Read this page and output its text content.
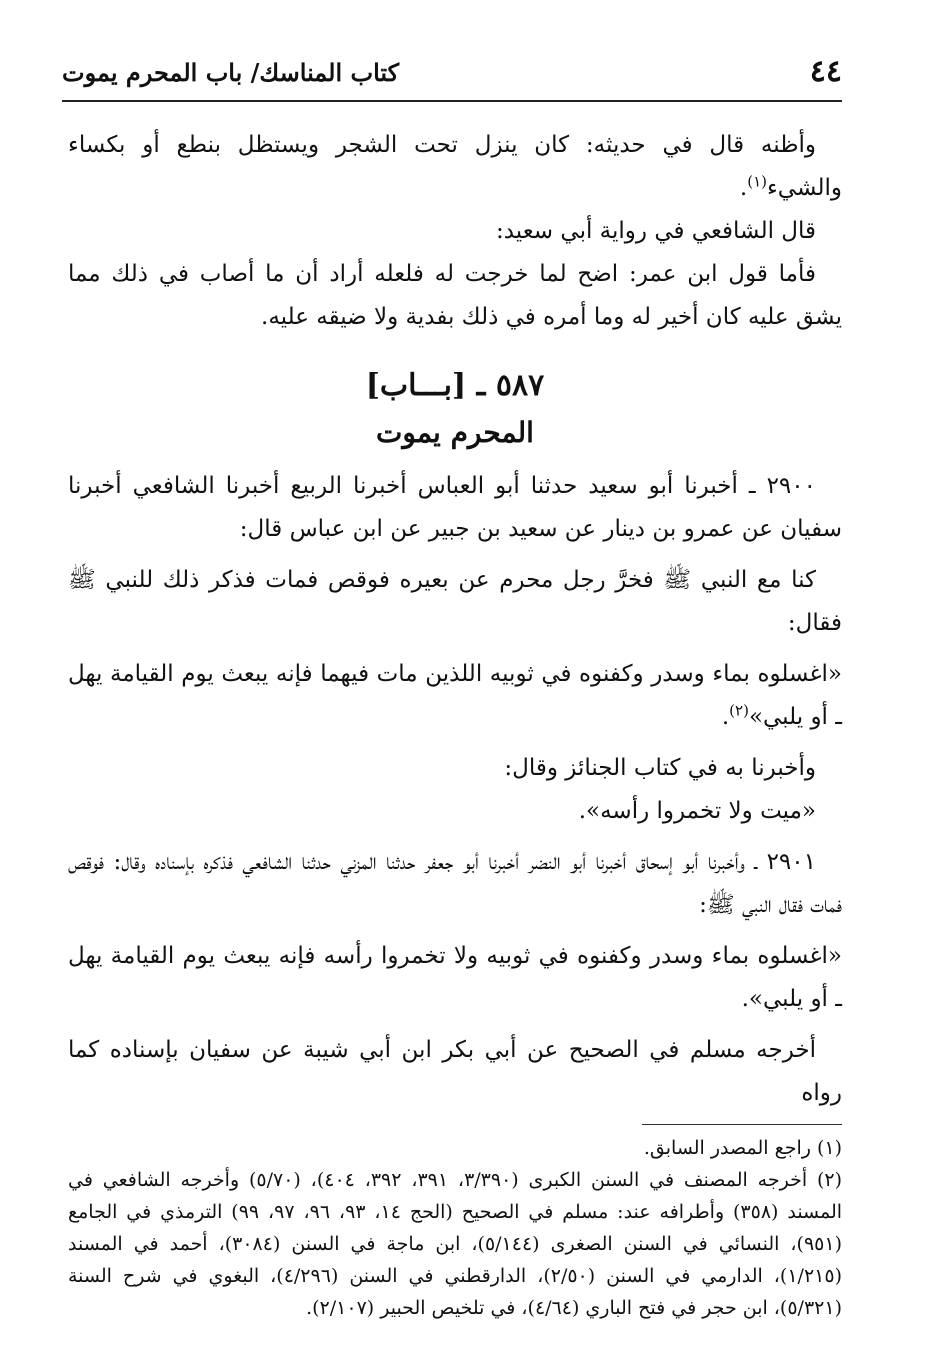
٤٤
كتاب المناسك/ باب المحرم يموت

وأظنه قال في حديثه: كان ينزل تحت الشجر ويستظل بنطع أو بكساء والشيء$^{(١)}$.

قال الشافعي في رواية أبي سعيد:

فأما قول ابن عمر: اضح لما خرجت له فلعله أراد أن ما أصاب في ذلك مما يشق عليه كان أخير له وما أمره في ذلك بفدية ولا ضيقه عليه.

٥٨٧ ـ [بـــاب]
المحرم يموت

٢٩٠٠ ـ أخبرنا أبو سعيد حدثنا أبو العباس أخبرنا الربيع أخبرنا الشافعي أخبرنا سفيان عن عمرو بن دينار عن سعيد بن جبير عن ابن عباس قال:

كنا مع النبي ﷺ فخرَّ رجل محرم عن بعيره فوقص فمات فذكر ذلك للنبي ﷺ فقال:

«اغسلوه بماء وسدر وكفنوه في ثوبيه اللذين مات فيهما فإنه يبعث يوم القيامة يهل ـ أو يلبي»$^{(٢)}$.

وأخبرنا به في كتاب الجنائز وقال:

«ميت ولا تخمروا رأسه».

٢٩٠١ ـ وأخبرنا أبو إسحاق أخبرنا أبو النضر أخبرنا أبو جعفر حدثنا المزني حدثنا الشافعي فذكره بإسناده وقال: فوقص فمات فقال النبي ﷺ:

«اغسلوه بماء وسدر وكفنوه في ثوبيه ولا تخمروا رأسه فإنه يبعث يوم القيامة يهل ـ أو يلبي».

أخرجه مسلم في الصحيح عن أبي بكر ابن أبي شيبة عن سفيان بإسناده كما رواه

(١) راجع المصدر السابق.

(٢) أخرجه المصنف في السنن الكبرى (٣/٣٩٠، ٣٩١، ٣٩٢، ٤٠٤)، (٥/٧٠) وأخرجه الشافعي في المسند (٣٥٨) وأطرافه عند: مسلم في الصحيح (الحج ١٤، ٩٣، ٩٦، ٩٧، ٩٩) الترمذي في الجامع (٩٥١)، النسائي في السنن الصغرى (٥/١٤٤)، ابن ماجة في السنن (٣٠٨٤)، أحمد في المسند (١/٢١٥)، الدارمي في السنن (٢/٥٠)، الدارقطني في السنن (٤/٢٩٦)، البغوي في شرح السنة (٥/٣٢١)، ابن حجر في فتح الباري (٤/٦٤)، في تلخيص الحبير (٢/١٠٧).
